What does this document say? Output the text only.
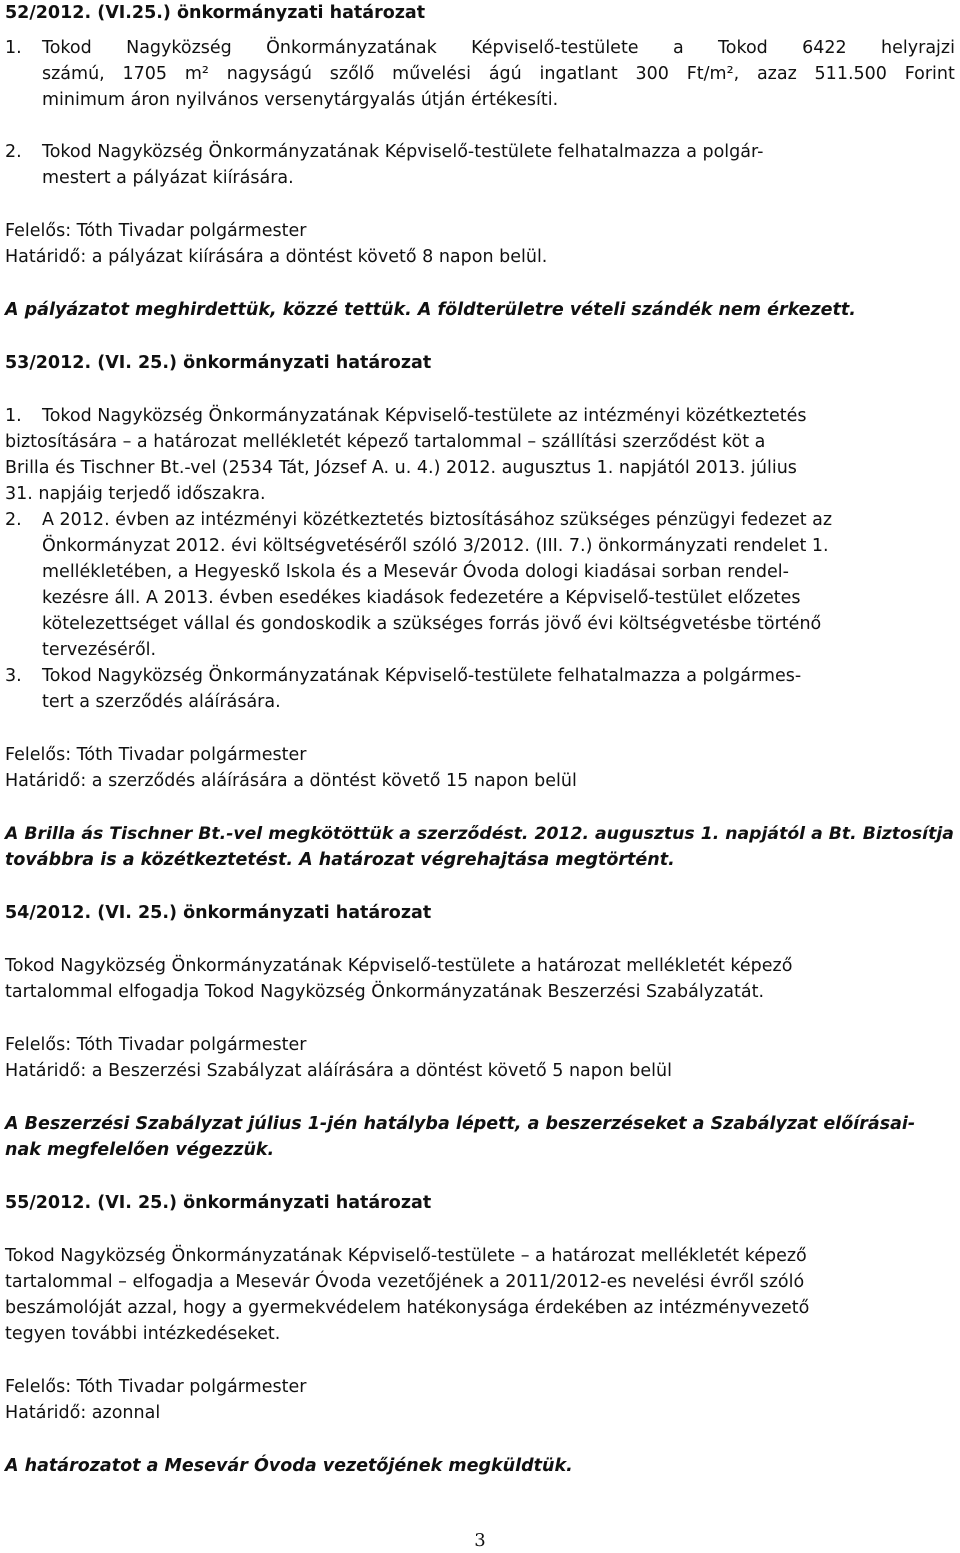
52/2012. (VI.25.) önkormányzati határozat
1. Tokod Nagyközség Önkormányzatának Képviselő-testülete a Tokod 6422 helyrajzi
számú, 1705 m² nagyságú szőlő művelési ágú ingatlant 300 Ft/m², azaz 511.500 Forint
minimum áron nyilvános versenytárgyalás útján értékesíti.
2. Tokod Nagyközség Önkormányzatának Képviselő-testülete felhatalmazza a polgár-
mestert a pályázat kiírására.
Felelős: Tóth Tivadar polgármester
Határidő: a pályázat kiírására a döntést követő 8 napon belül.
A pályázatot meghirdettük, közzé tettük. A földterületre vételi szándék nem érkezett.
53/2012. (VI. 25.) önkormányzati határozat
1. Tokod Nagyközség Önkormányzatának Képviselő-testülete az intézményi közétkeztetés
biztosítására – a határozat mellékletét képező tartalommal – szállítási szerződést köt a
Brilla és Tischner Bt.-vel (2534 Tát, József A. u. 4.) 2012. augusztus 1. napjától 2013. július
31. napjáig terjedő időszakra.
2. A 2012. évben az intézményi közétkeztetés biztosításához szükséges pénzügyi fedezet az
Önkormányzat 2012. évi költségvetéséről szóló 3/2012. (III. 7.) önkormányzati rendelet 1.
mellékletében, a Hegyeskő Iskola és a Mesevár Óvoda dologi kiadásai sorban rendel-
kezésre áll. A 2013. évben esedékes kiadások fedezetére a Képviselő-testület előzetes
kötelezettséget vállal és gondoskodik a szükséges forrás jövő évi költségvetésbe történő
tervezéséről.
3. Tokod Nagyközség Önkormányzatának Képviselő-testülete felhatalmazza a polgármes-
tert a szerződés aláírására.
Felelős: Tóth Tivadar polgármester
Határidő: a szerződés aláírására a döntést követő 15 napon belül
A Brilla ás Tischner Bt.-vel megkötöttük a szerződést. 2012. augusztus 1. napjától a Bt. Biztosítja
továbbra is a közétkeztetést. A határozat végrehajtása megtörtént.
54/2012. (VI. 25.) önkormányzati határozat
Tokod Nagyközség Önkormányzatának Képviselő-testülete a határozat mellékletét képező
tartalommal elfogadja Tokod Nagyközség Önkormányzatának Beszerzési Szabályzatát.
Felelős: Tóth Tivadar polgármester
Határidő: a Beszerzési Szabályzat aláírására a döntést követő 5 napon belül
A Beszerzési Szabályzat július 1-jén hatályba lépett, a beszerzéseket a Szabályzat előírásai-
nak megfelelően végezzük.
55/2012. (VI. 25.) önkormányzati határozat
Tokod Nagyközség Önkormányzatának Képviselő-testülete – a határozat mellékletét képező
tartalommal – elfogadja a Mesevár Óvoda vezetőjének a 2011/2012-es nevelési évről szóló
beszámolóját azzal, hogy a gyermekvédelem hatékonysága érdekében az intézményvezető
tegyen további intézkedéseket.
Felelős: Tóth Tivadar polgármester
Határidő: azonnal
A határozatot a Mesevár Óvoda vezetőjének megküldtük.
3
